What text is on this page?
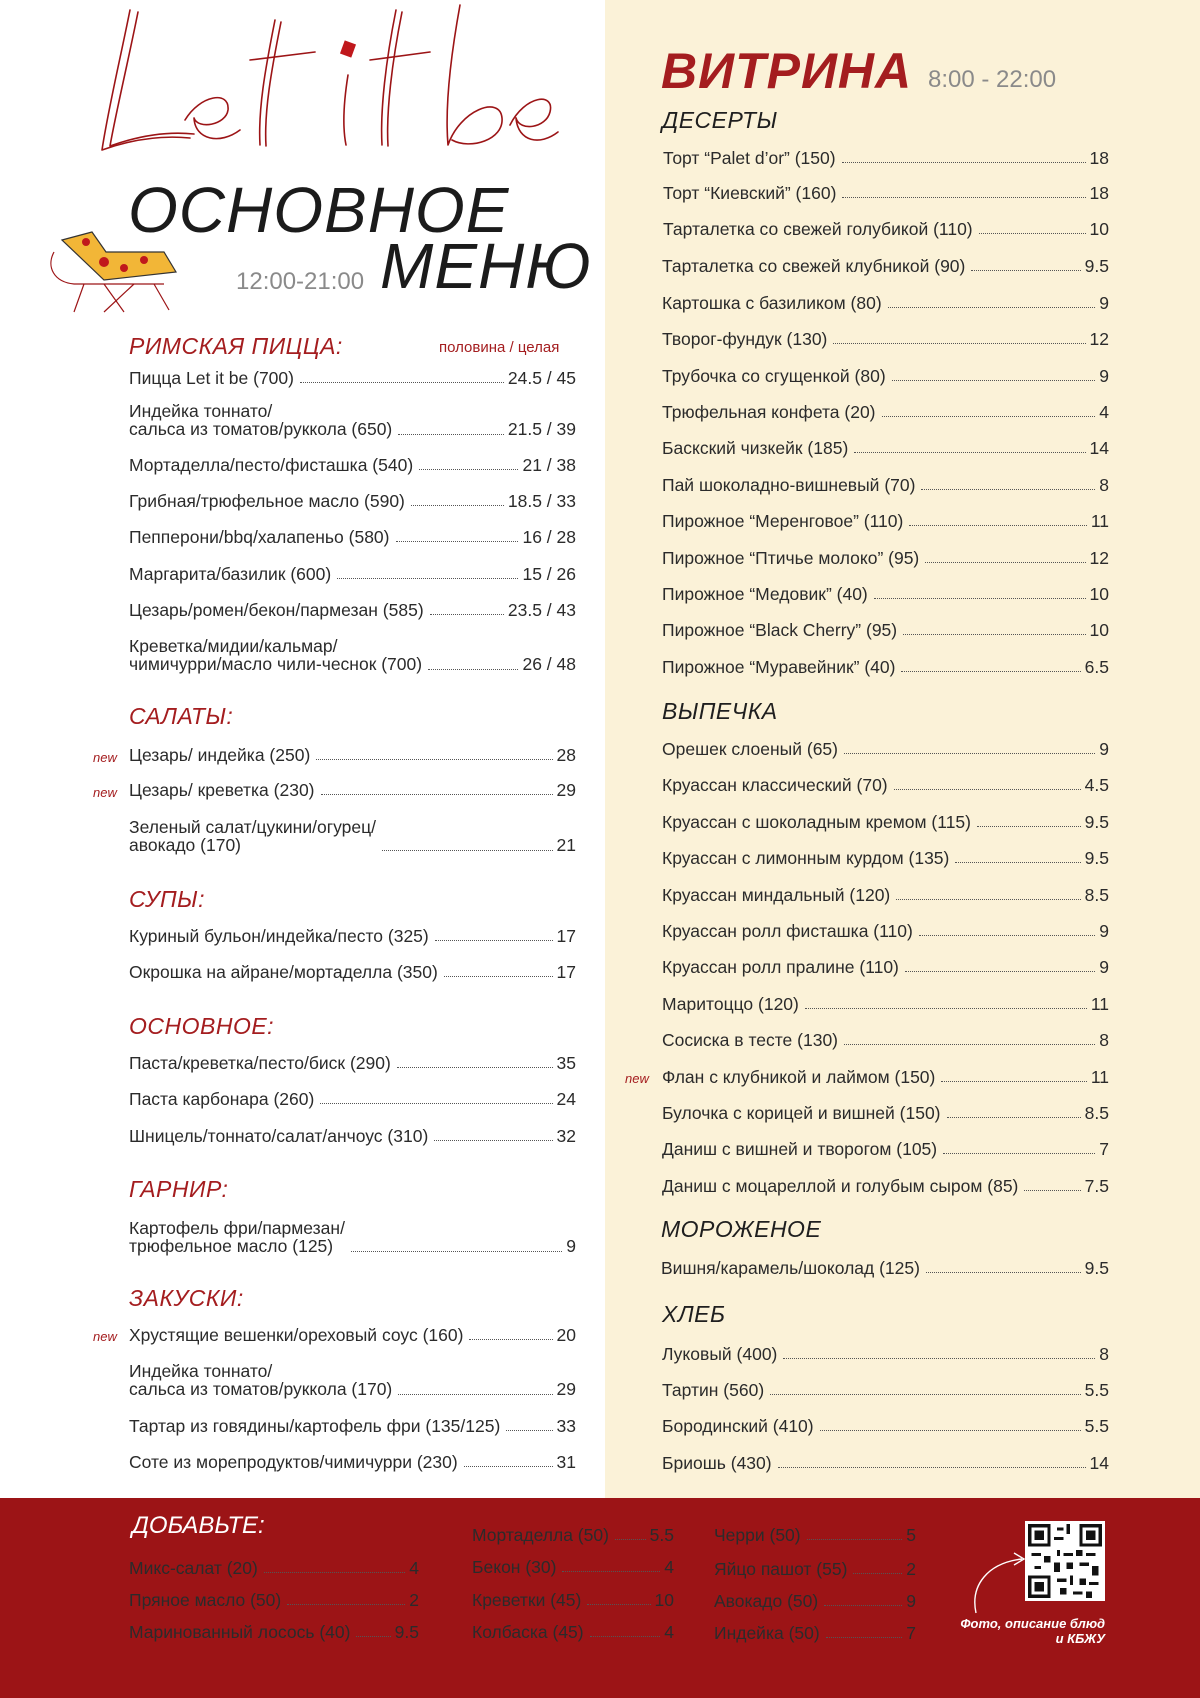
ОСНОВНОЕ
МЕНЮ
12:00-21:00
РИМСКАЯ ПИЦЦА:	половина / целая
Пицца Let it be (700)	24.5 / 45
Индейка тоннато/
сальса из томатов/руккола (650)	21.5 / 39
Мортаделла/песто/фисташка (540)	21 / 38
Грибная/трюфельное масло (590)	18.5 / 33
Пепперони/bbq/халапеньо (580)	16 / 28
Маргарита/базилик (600)	15 / 26
Цезарь/ромен/бекон/пармезан (585)	23.5 / 43
Креветка/мидии/кальмар/
чимичурри/масло чили-чеснок (700)	26 / 48
САЛАТЫ:
new Цезарь/ индейка (250)	28
new Цезарь/ креветка (230)	29
Зеленый салат/цукини/огурец/
авокадо (170)	21
СУПЫ:
Куриный бульон/индейка/песто (325)	17
Окрошка на айране/мортаделла (350)	17
ОСНОВНОЕ:
Паста/креветка/песто/биск (290)	35
Паста карбонара (260)	24
Шницель/тоннато/салат/анчоус (310)	32
ГАРНИР:
Картофель фри/пармезан/
трюфельное масло (125)	9
ЗАКУСКИ:
new Хрустящие вешенки/ореховый соус (160)	20
Индейка тоннато/
сальса из томатов/руккола (170)	29
Тартар из говядины/картофель фри (135/125)	33
Соте из морепродуктов/чимичурри (230)	31
ВИТРИНА 8:00 - 22:00
ДЕСЕРТЫ
Торт “Palet d’or” (150)	18
Торт “Киевский” (160)	18
Тарталетка со свежей голубикой (110)	10
Тарталетка со свежей клубникой (90)	9.5
Картошка с базиликом (80)	9
Творог-фундук (130)	12
Трубочка со сгущенкой (80)	9
Трюфельная конфета (20)	4
Баскский чизкейк (185)	14
Пай шоколадно-вишневый (70)	8
Пирожное “Меренговое” (110)	11
Пирожное “Птичье молоко” (95)	12
Пирожное “Медовик” (40)	10
Пирожное “Black Cherry” (95)	10
Пирожное “Муравейник” (40)	6.5
ВЫПЕЧКА
Орешек слоеный (65)	9
Круассан классический (70)	4.5
Круассан с шоколадным кремом (115)	9.5
Круассан с лимонным курдом (135)	9.5
Круассан миндальный (120)	8.5
Круассан ролл фисташка (110)	9
Круассан ролл пралине (110)	9
Маритоццо (120)	11
Сосиска в тесте (130)	8
new Флан с клубникой и лаймом (150)	11
Булочка с корицей и вишней (150)	8.5
Даниш с вишней и творогом (105)	7
Даниш с моцареллой и голубым сыром (85)	7.5
МОРОЖЕНОЕ
Вишня/карамель/шоколад (125)	9.5
ХЛЕБ
Луковый (400)	8
Тартин (560)	5.5
Бородинский (410)	5.5
Бриошь (430)	14
ДОБАВЬТЕ:
Микс-салат (20)	4
Пряное масло (50)	2
Маринованный лосось (40)	9.5
Мортаделла (50) 5.5
Бекон (30)	4
Креветки (45)	10
Колбаска (45)	4
Черри (50)	5
Яйцо пашот (55)	2
Авокадо (50)	9
Индейка (50)	7	Фото, описание блюд
и КБЖУ
